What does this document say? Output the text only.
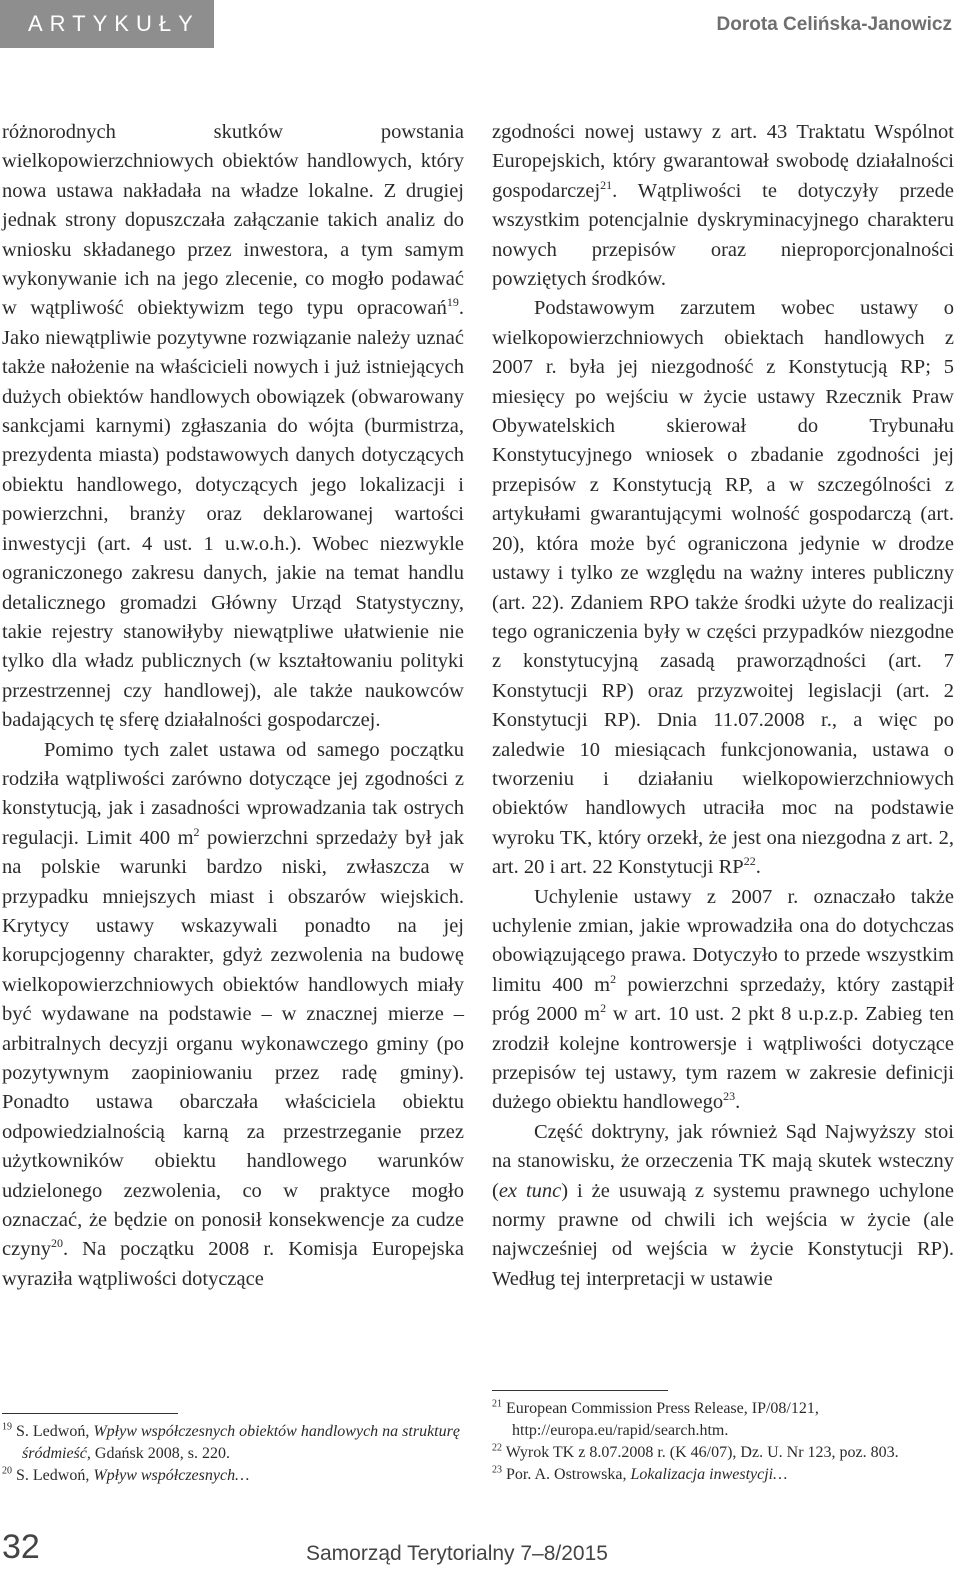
ARTYKUŁY	Dorota Celińska-Janowicz

różnorodnych skutków powstania wielkopowierzchniowych obiektów handlowych, który nowa ustawa nakładała na władze lokalne. Z drugiej jednak strony dopuszczała załączanie takich analiz do wniosku składanego przez inwestora, a tym samym wykonywanie ich na jego zlecenie, co mogło podawać w wątpliwość obiektywizm tego typu opracowań$^{19}$. Jako niewątpliwie pozytywne rozwiązanie należy uznać także nałożenie na właścicieli nowych i już istniejących dużych obiektów handlowych obowiązek (obwarowany sankcjami karnymi) zgłaszania do wójta (burmistrza, prezydenta miasta) podstawowych danych dotyczących obiektu handlowego, dotyczących jego lokalizacji i powierzchni, branży oraz deklarowanej wartości inwestycji (art. 4 ust. 1 u.w.o.h.). Wobec niezwykle ograniczonego zakresu danych, jakie na temat handlu detalicznego gromadzi Główny Urząd Statystyczny, takie rejestry stanowiłyby niewątpliwe ułatwienie nie tylko dla władz publicznych (w kształtowaniu polityki przestrzennej czy handlowej), ale także naukowców badających tę sferę działalności gospodarczej.

Pomimo tych zalet ustawa od samego początku rodziła wątpliwości zarówno dotyczące jej zgodności z konstytucją, jak i zasadności wprowadzania tak ostrych regulacji. Limit 400 $m^2$ powierzchni sprzedaży był jak na polskie warunki bardzo niski, zwłaszcza w przypadku mniejszych miast i obszarów wiejskich. Krytycy ustawy wskazywali ponadto na jej korupcjogenny charakter, gdyż zezwolenia na budowę wielkopowierzchniowych obiektów handlowych miały być wydawane na podstawie – w znacznej mierze – arbitralnych decyzji organu wykonawczego gminy (po pozytywnym zaopiniowaniu przez radę gminy). Ponadto ustawa obarczała właściciela obiektu odpowiedzialnością karną za przestrzeganie przez użytkowników obiektu handlowego warunków udzielonego zezwolenia, co w praktyce mogło oznaczać, że będzie on ponosił konsekwencje za cudze czyny$^{20}$. Na początku 2008 r. Komisja Europejska wyraziła wątpliwości dotyczące

zgodności nowej ustawy z art. 43 Traktatu Wspólnot Europejskich, który gwarantował swobodę działalności gospodarczej$^{21}$. Wątpliwości te dotyczyły przede wszystkim potencjalnie dyskryminacyjnego charakteru nowych przepisów oraz nieproporcjonalności powziętych środków.

Podstawowym zarzutem wobec ustawy o wielkopowierzchniowych obiektach handlowych z 2007 r. była jej niezgodność z Konstytucją RP; 5 miesięcy po wejściu w życie ustawy Rzecznik Praw Obywatelskich skierował do Trybunału Konstytucyjnego wniosek o zbadanie zgodności jej przepisów z Konstytucją RP, a w szczególności z artykułami gwarantującymi wolność gospodarczą (art. 20), która może być ograniczona jedynie w drodze ustawy i tylko ze względu na ważny interes publiczny (art. 22). Zdaniem RPO także środki użyte do realizacji tego ograniczenia były w części przypadków niezgodne z konstytucyjną zasadą praworządności (art. 7 Konstytucji RP) oraz przyzwoitej legislacji (art. 2 Konstytucji RP). Dnia 11.07.2008 r., a więc po zaledwie 10 miesiącach funkcjonowania, ustawa o tworzeniu i działaniu wielkopowierzchniowych obiektów handlowych utraciła moc na podstawie wyroku TK, który orzekł, że jest ona niezgodna z art. 2, art. 20 i art. 22 Konstytucji RP$^{22}$.

Uchylenie ustawy z 2007 r. oznaczało także uchylenie zmian, jakie wprowadziła ona do dotychczas obowiązującego prawa. Dotyczyło to przede wszystkim limitu 400 $m^2$ powierzchni sprzedaży, który zastąpił próg 2000 $m^2$ w art. 10 ust. 2 pkt 8 u.p.z.p. Zabieg ten zrodził kolejne kontrowersje i wątpliwości dotyczące przepisów tej ustawy, tym razem w zakresie definicji dużego obiektu handlowego$^{23}$.

Część doktryny, jak również Sąd Najwyższy stoi na stanowisku, że orzeczenia TK mają skutek wsteczny (ex tunc) i że usuwają z systemu prawnego uchylone normy prawne od chwili ich wejścia w życie (ale najwcześniej od wejścia w życie Konstytucji RP). Według tej interpretacji w ustawie

$^{19}$ S. Ledwoń, Wpływ współczesnych obiektów handlowych na strukturę śródmieść, Gdańsk 2008, s. 220.

$^{20}$ S. Ledwoń, Wpływ współczesnych…

$^{21}$ European Commission Press Release, IP/08/121, http://europa.eu/rapid/search.htm.

$^{22}$ Wyrok TK z 8.07.2008 r. (K 46/07), Dz. U. Nr 123, poz. 803.

$^{23}$ Por. A. Ostrowska, Lokalizacja inwestycji…

32	Samorząd Terytorialny 7–8/2015
